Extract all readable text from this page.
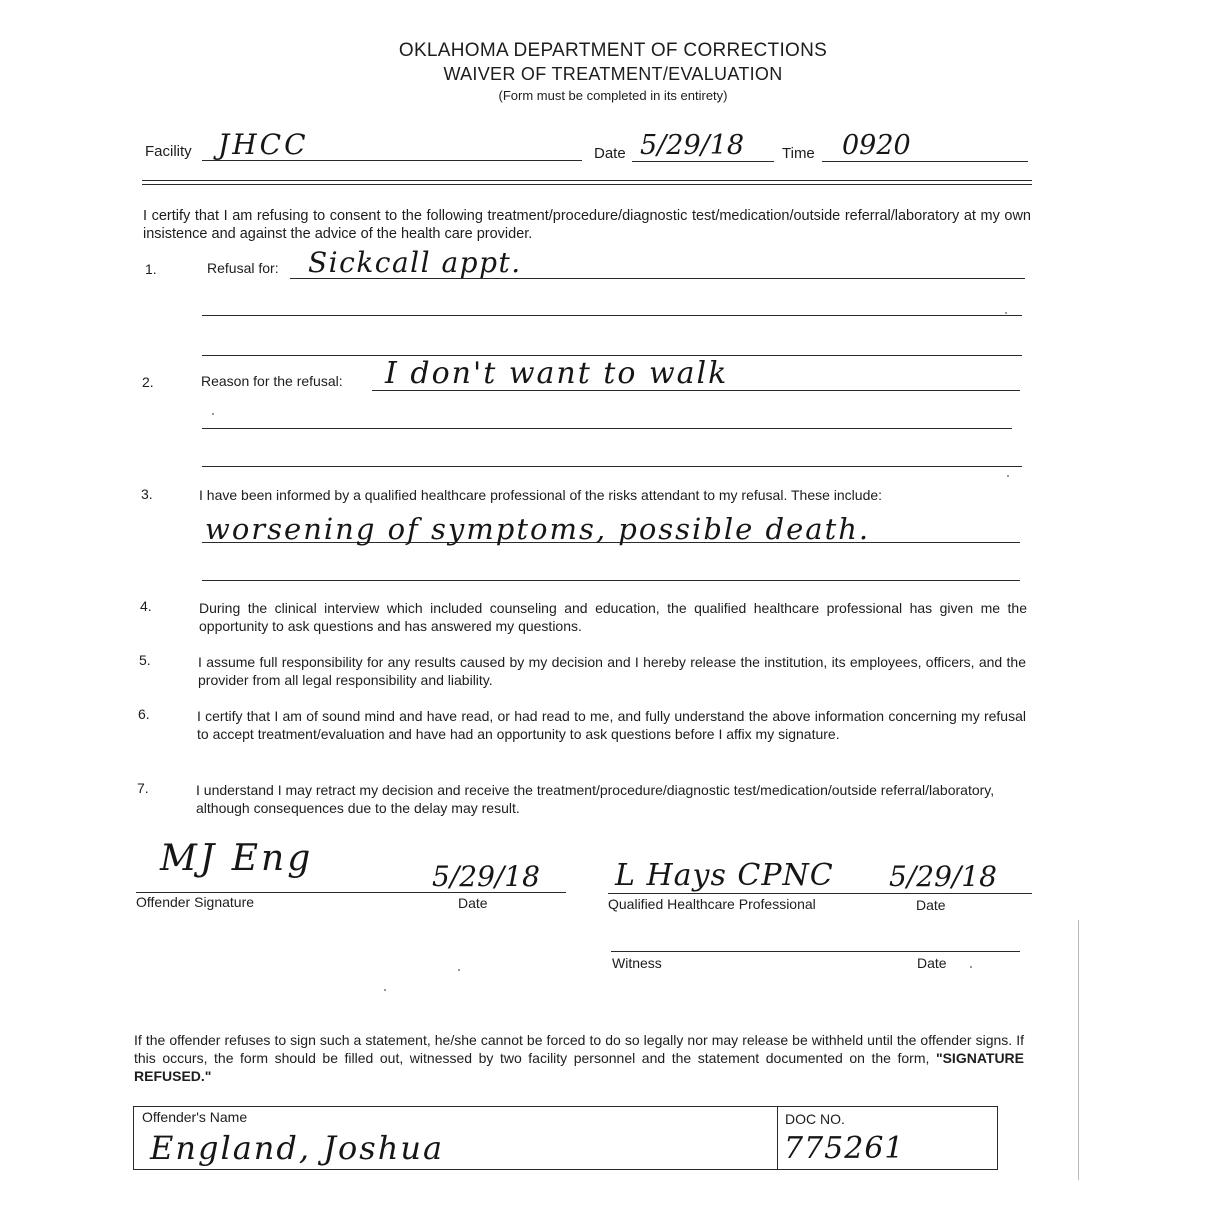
OKLAHOMA DEPARTMENT OF CORRECTIONS
WAIVER OF TREATMENT/EVALUATION
(Form must be completed in its entirety)
Facility JHCC	Date 5/29/18	Time 0920
I certify that I am refusing to consent to the following treatment/procedure/diagnostic test/medication/outside referral/laboratory at my own insistence and against the advice of the health care provider.
1.	Refusal for: Sickcall appt.
2.	Reason for the refusal: I don't want to walk
3.	I have been informed by a qualified healthcare professional of the risks attendant to my refusal. These include:
worsening of symptoms, possible death.
4.	During the clinical interview which included counseling and education, the qualified healthcare professional has given me the opportunity to ask questions and has answered my questions.
5.	I assume full responsibility for any results caused by my decision and I hereby release the institution, its employees, officers, and the provider from all legal responsibility and liability.
6.	I certify that I am of sound mind and have read, or had read to me, and fully understand the above information concerning my refusal to accept treatment/evaluation and have had an opportunity to ask questions before I affix my signature.
7.	I understand I may retract my decision and receive the treatment/procedure/diagnostic test/medication/outside referral/laboratory, although consequences due to the delay may result.
MJ Eng
Offender Signature
5/29/18
Date
L Hays CPNC
Qualified Healthcare Professional
5/29/18
Date
Witness	Date
If the offender refuses to sign such a statement, he/she cannot be forced to do so legally nor may release be withheld until the offender signs. If this occurs, the form should be filled out, witnessed by two facility personnel and the statement documented on the form, "SIGNATURE REFUSED."
Offender's Name
England, Joshua
DOC NO.
775261
